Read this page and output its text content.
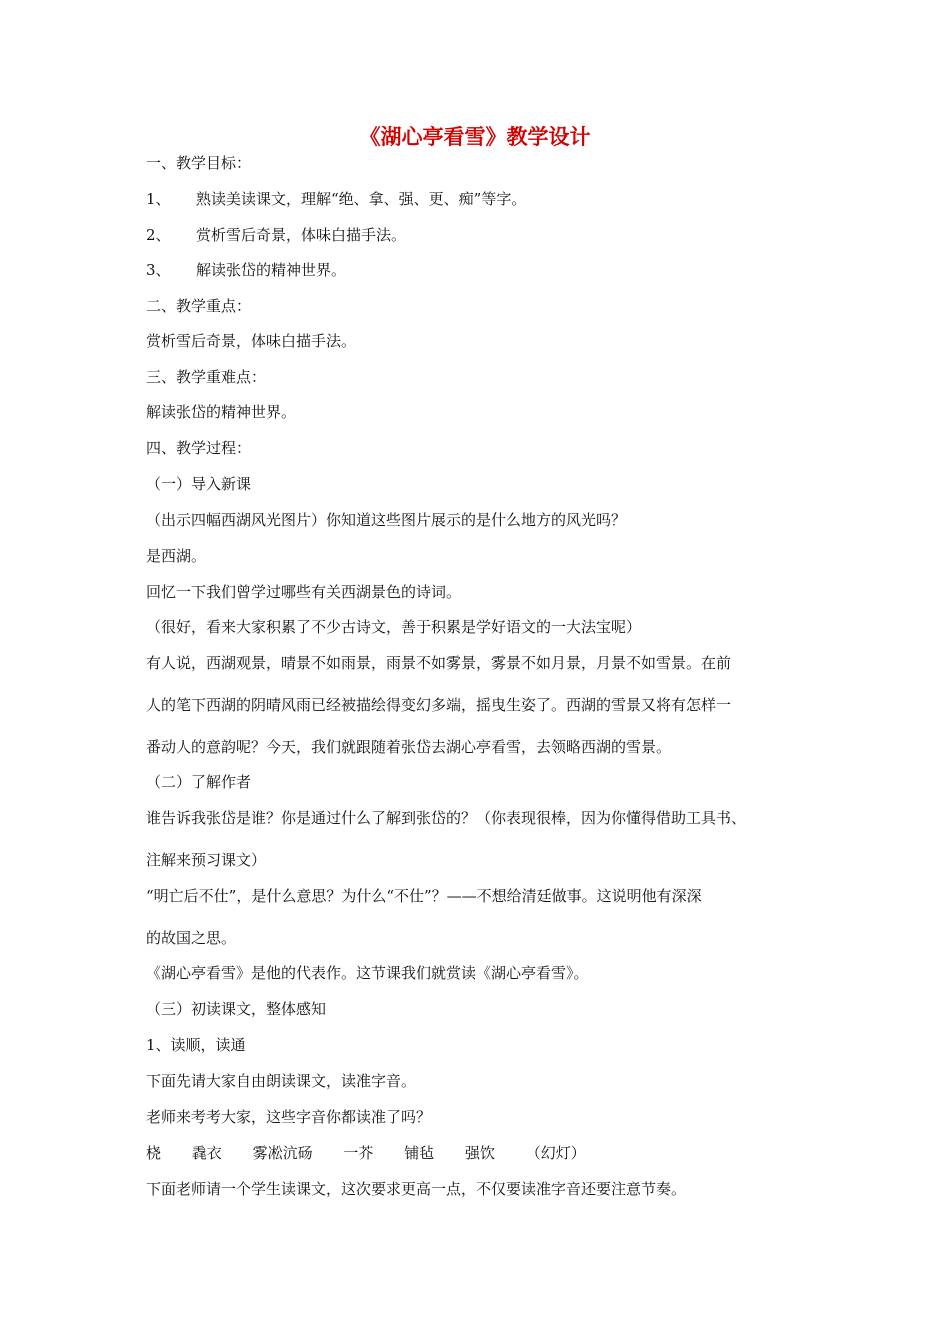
《湖心亭看雪》教学设计
一、教学目标：
1、 熟读美读课文，理解“绝、拿、强、更、痴”等字。
2、 赏析雪后奇景，体味白描手法。
3、 解读张岱的精神世界。
二、教学重点：
赏析雪后奇景，体味白描手法。
三、教学重难点：
解读张岱的精神世界。
四、教学过程：
（一）导入新课
（出示四幅西湖风光图片）你知道这些图片展示的是什么地方的风光吗？
是西湖。
回忆一下我们曾学过哪些有关西湖景色的诗词。
（很好，看来大家积累了不少古诗文，善于积累是学好语文的一大法宝呢）
有人说，西湖观景，晴景不如雨景，雨景不如雾景，雾景不如月景，月景不如雪景。在前
人的笔下西湖的阴晴风雨已经被描绘得变幻多端，摇曳生姿了。西湖的雪景又将有怎样一
番动人的意韵呢？今天，我们就跟随着张岱去湖心亭看雪，去领略西湖的雪景。
（二）了解作者
谁告诉我张岱是谁？你是通过什么了解到张岱的？（你表现很棒，因为你懂得借助工具书、
注解来预习课文）
“明亡后不仕”，是什么意思？为什么“不仕”？——不想给清廷做事。这说明他有深深
的故国之思。
《湖心亭看雪》是他的代表作。这节课我们就赏读《湖心亭看雪》。
（三）初读课文，整体感知
1、读顺，读通
下面先请大家自由朗读课文，读准字音。
老师来考考大家，这些字音你都读准了吗？
桡 毳衣 雾凇沆砀 一芥 铺毡 强饮 （幻灯）
下面老师请一个学生读课文，这次要求更高一点，不仅要读准字音还要注意节奏。
